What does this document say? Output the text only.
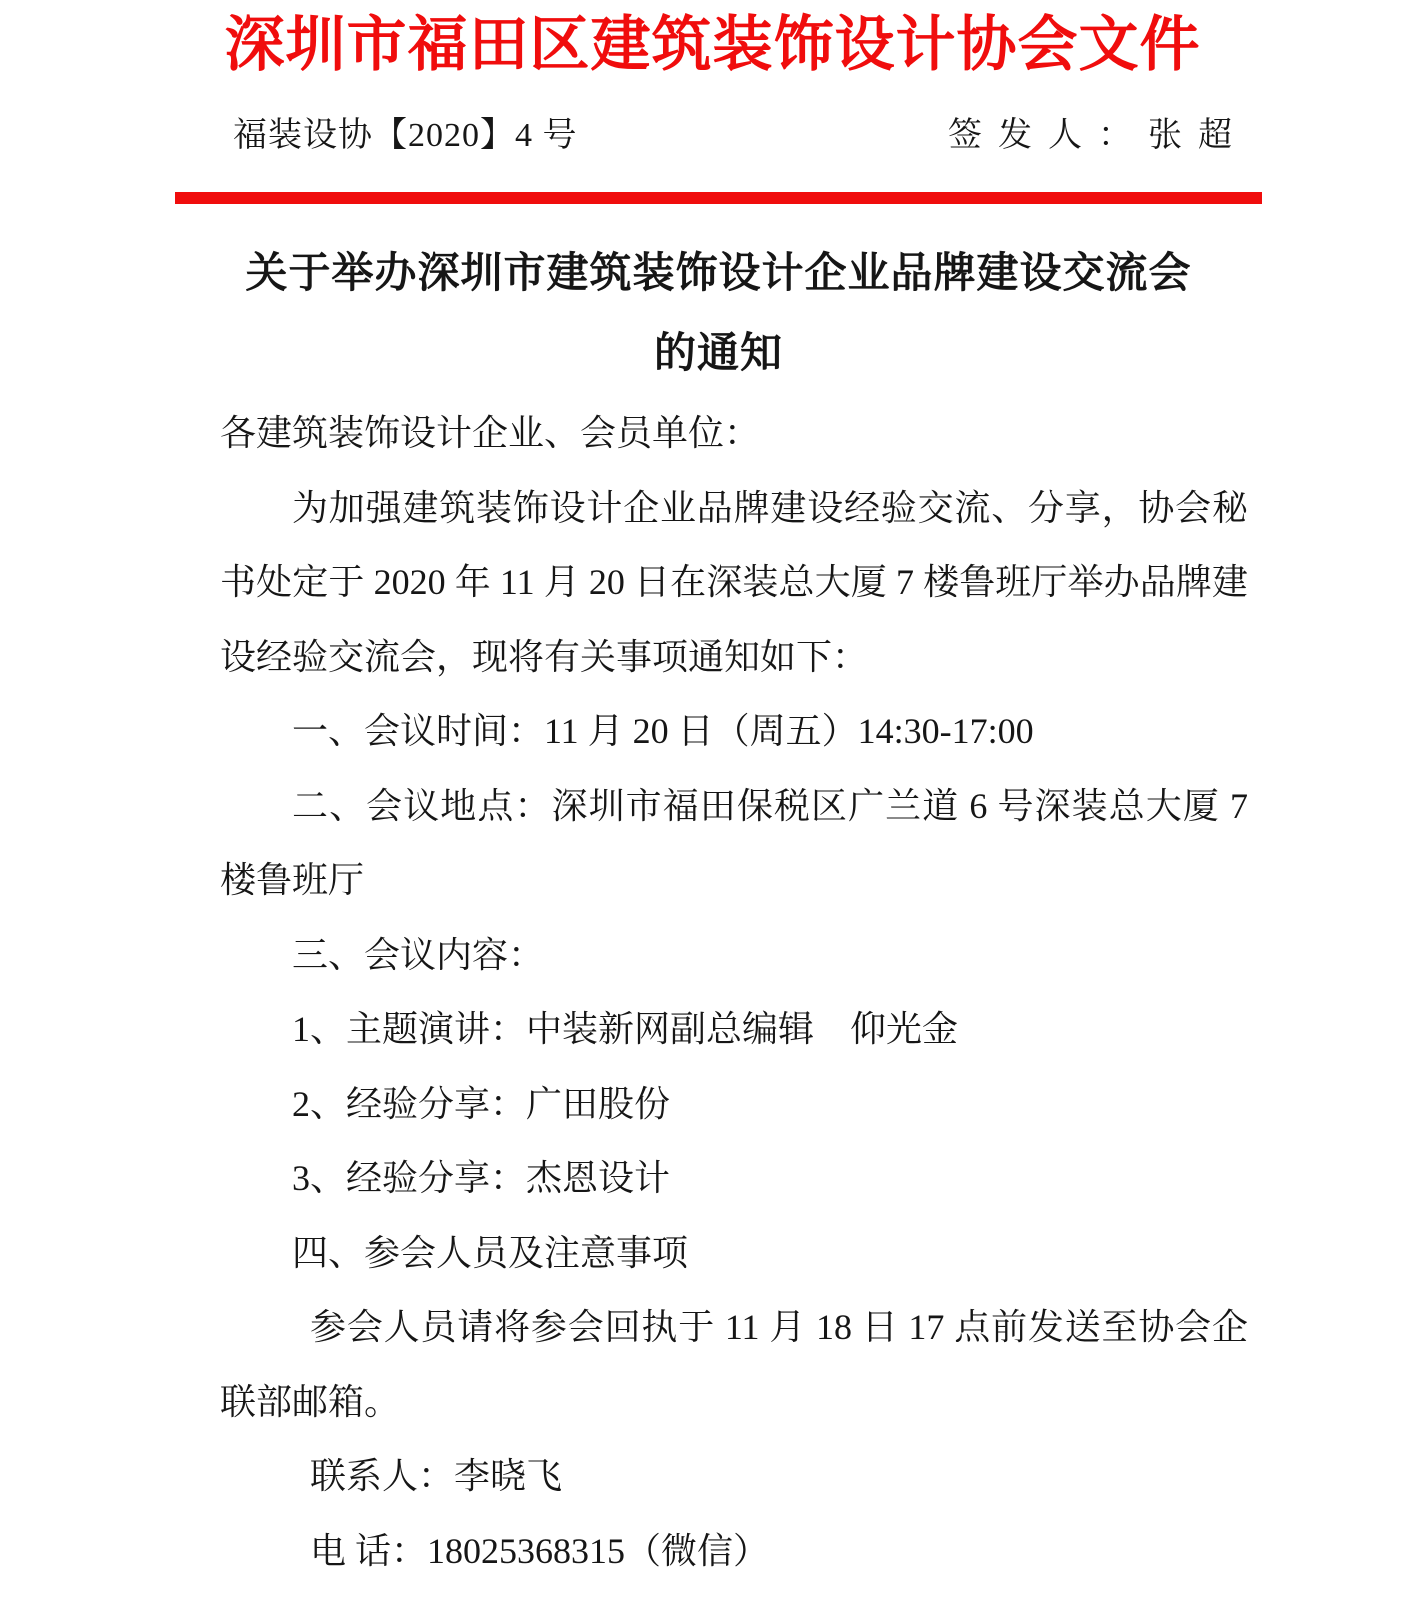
深圳市福田区建筑装饰设计协会文件
福装设协【2020】4 号	签发人：张超
关于举办深圳市建筑装饰设计企业品牌建设交流会
的通知

各建筑装饰设计企业、会员单位：

为加强建筑装饰设计企业品牌建设经验交流、分享，协会秘书处定于 2020 年 11 月 20 日在深装总大厦 7 楼鲁班厅举办品牌建设经验交流会，现将有关事项通知如下：

一、会议时间：11 月 20 日（周五）14:30-17:00

二、会议地点：深圳市福田保税区广兰道 6 号深装总大厦 7 楼鲁班厅

三、会议内容：

1、主题演讲：中装新网副总编辑　仰光金

2、经验分享：广田股份

3、经验分享：杰恩设计

四、参会人员及注意事项

参会人员请将参会回执于 11 月 18 日 17 点前发送至协会企联部邮箱。

联系人：李晓飞

电 话：18025368315（微信）
